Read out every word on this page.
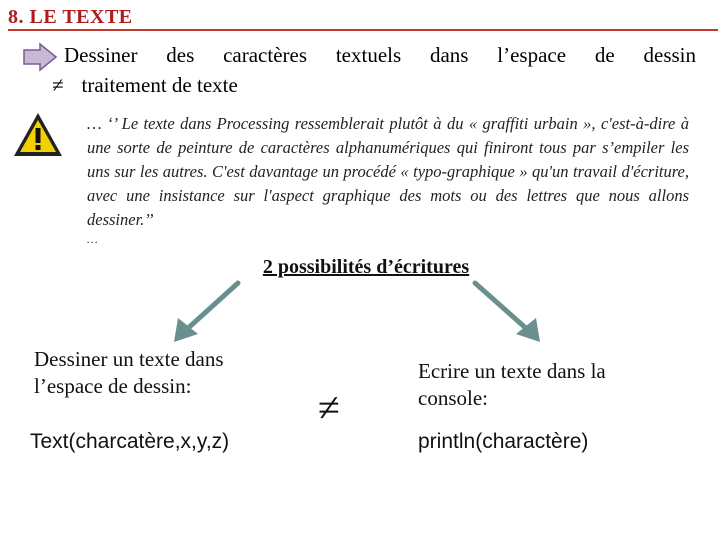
8. LE TEXTE
Dessiner des caractères textuels dans l’espace de dessin
≠ traitement de texte
… ‘’ Le texte dans Processing ressemblerait plutôt à du « graffiti urbain », c'est-à-dire à une sorte de peinture de caractères alphanumériques qui finiront tous par s’empiler les uns sur les autres. C'est davantage un procédé « typo-graphique » qu'un travail d'écriture, avec une insistance sur l'aspect graphique des mots ou des lettres que nous allons dessiner.’’
…
2 possibilités d’écritures
Dessiner un texte dans
l’espace de dessin:	≠
Ecrire un texte dans la
console:
Text(charcatère,x,y,z)	println(charactère)
